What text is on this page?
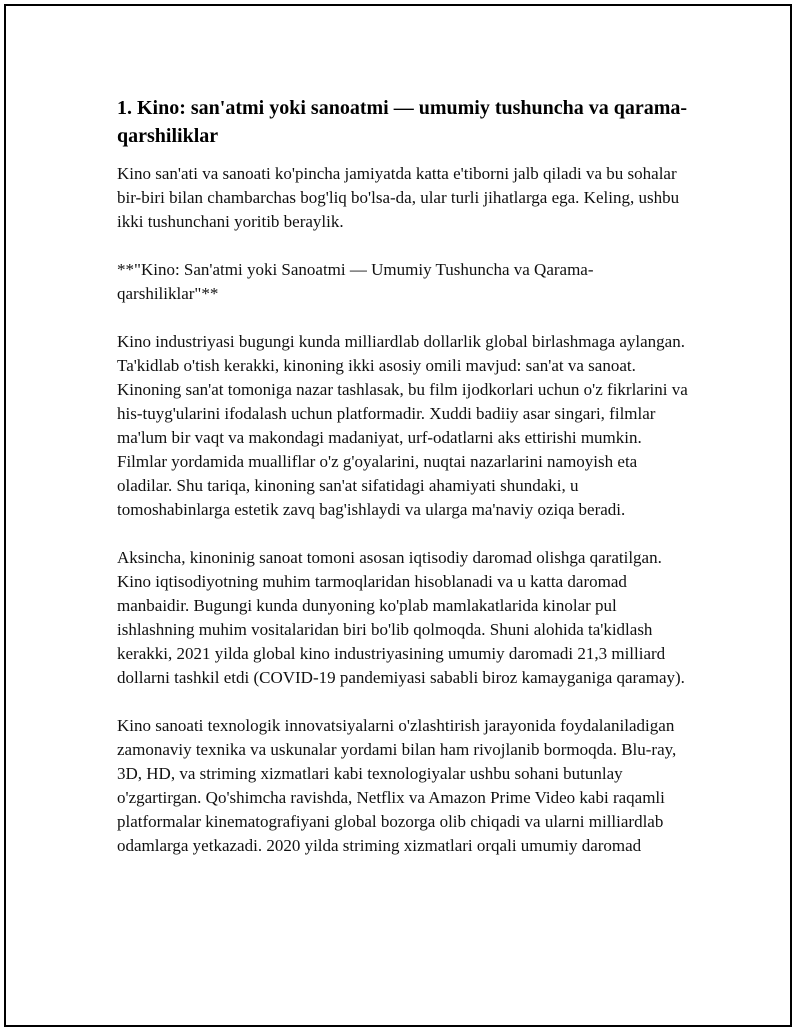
1. Kino: san'atmi yoki sanoatmi — umumiy tushuncha va qarama-qarshiliklar

Kino san'ati va sanoati ko'pincha jamiyatda katta e'tiborni jalb qiladi va bu sohalar bir-biri bilan chambarchas bog'liq bo'lsa-da, ular turli jihatlarga ega. Keling, ushbu ikki tushunchani yoritib beraylik.

**"Kino: San'atmi yoki Sanoatmi — Umumiy Tushuncha va Qarama-qarshiliklar"**

Kino industriyasi bugungi kunda milliardlab dollarlik global birlashmaga aylangan. Ta'kidlab o'tish kerakki, kinoning ikki asosiy omili mavjud: san'at va sanoat. Kinoning san'at tomoniga nazar tashlasak, bu film ijodkorlari uchun o'z fikrlarini va his-tuyg'ularini ifodalash uchun platformadir. Xuddi badiiy asar singari, filmlar ma'lum bir vaqt va makondagi madaniyat, urf-odatlarni aks ettirishi mumkin. Filmlar yordamida mualliflar o'z g'oyalarini, nuqtai nazarlarini namoyish eta oladilar. Shu tariqa, kinoning san'at sifatidagi ahamiyati shundaki, u tomoshabinlarga estetik zavq bag'ishlaydi va ularga ma'naviy oziqa beradi.

Aksincha, kinoninig sanoat tomoni asosan iqtisodiy daromad olishga qaratilgan. Kino iqtisodiyotning muhim tarmoqlaridan hisoblanadi va u katta daromad manbaidir. Bugungi kunda dunyoning ko'plab mamlakatlarida kinolar pul ishlashning muhim vositalaridan biri bo'lib qolmoqda. Shuni alohida ta'kidlash kerakki, 2021 yilda global kino industriyasining umumiy daromadi 21,3 milliard dollarni tashkil etdi (COVID-19 pandemiyasi sababli biroz kamayganiga qaramay).

Kino sanoati texnologik innovatsiyalarni o'zlashtirish jarayonida foydalaniladigan zamonaviy texnika va uskunalar yordami bilan ham rivojlanib bormoqda. Blu-ray, 3D, HD, va striming xizmatlari kabi texnologiyalar ushbu sohani butunlay o'zgartirgan. Qo'shimcha ravishda, Netflix va Amazon Prime Video kabi raqamli platformalar kinematografiyani global bozorga olib chiqadi va ularni milliardlab odamlarga yetkazadi. 2020 yilda striming xizmatlari orqali umumiy daromad
